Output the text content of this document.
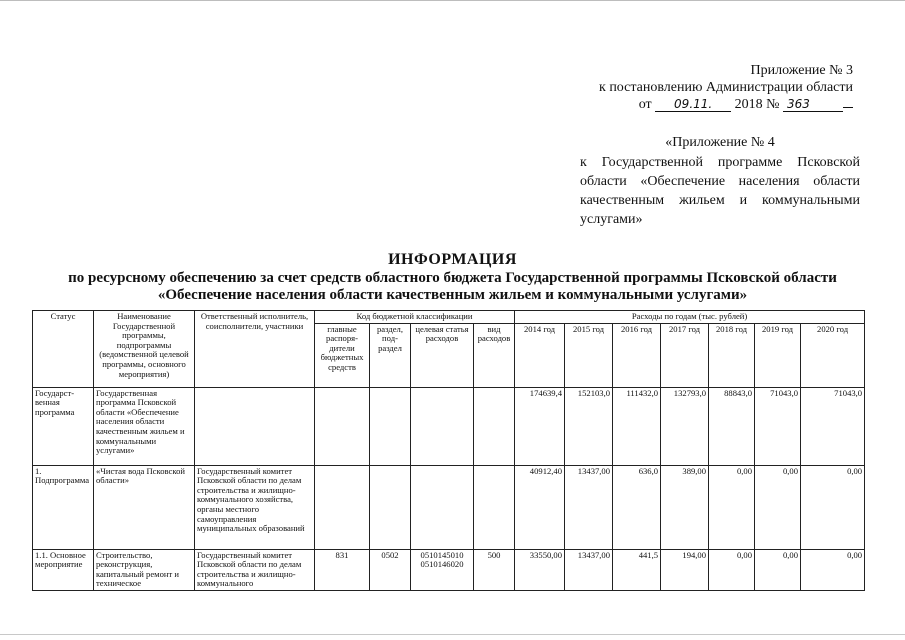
Приложение № 3
к постановлению Администрации области
от 09.11. 2018 № 363
«Приложение № 4
к Государственной программе Псковской области «Обеспечение населения области качественным жильем и коммунальными услугами»
ИНФОРМАЦИЯ
по ресурсному обеспечению за счет средств областного бюджета Государственной программы Псковской области
«Обеспечение населения области качественным жильем и коммунальными услугами»
Статус	Наименование Государственной программы, подпрограммы (ведомственной целевой программы, основного мероприятия)	Ответственный исполнитель, соисполнители, участники	Код бюджетной классификации				Расходы по годам (тыс. рублей)						
			главные распоря-дители бюджетных средств	раздел, под-раздел	целевая статья расходов	вид расходов	2014 год	2015 год	2016 год	2017 год	2018 год	2019 год	2020 год
Государст-венная программа	Государственная программа Псковской области «Обеспечение населения области качественным жильем и коммунальными услугами»						174639,4	152103,0	111432,0	132793,0	88843,0	71043,0	71043,0
1. Подпрограмма	«Чистая вода Псковской области»	Государственный комитет Псковской области по делам строительства и жилищно-коммунального хозяйства, органы местного самоуправления муниципальных образований					40912,40	13437,00	636,0	389,00	0,00	0,00	0,00
1.1. Основное мероприятие	Строительство, реконструкция, капитальный ремонт и техническое	Государственный комитет Псковской области по делам строительства и жилищно-коммунального	831	0502	0510145010
0510146020	500	33550,00	13437,00	441,5	194,00	0,00	0,00	0,00
